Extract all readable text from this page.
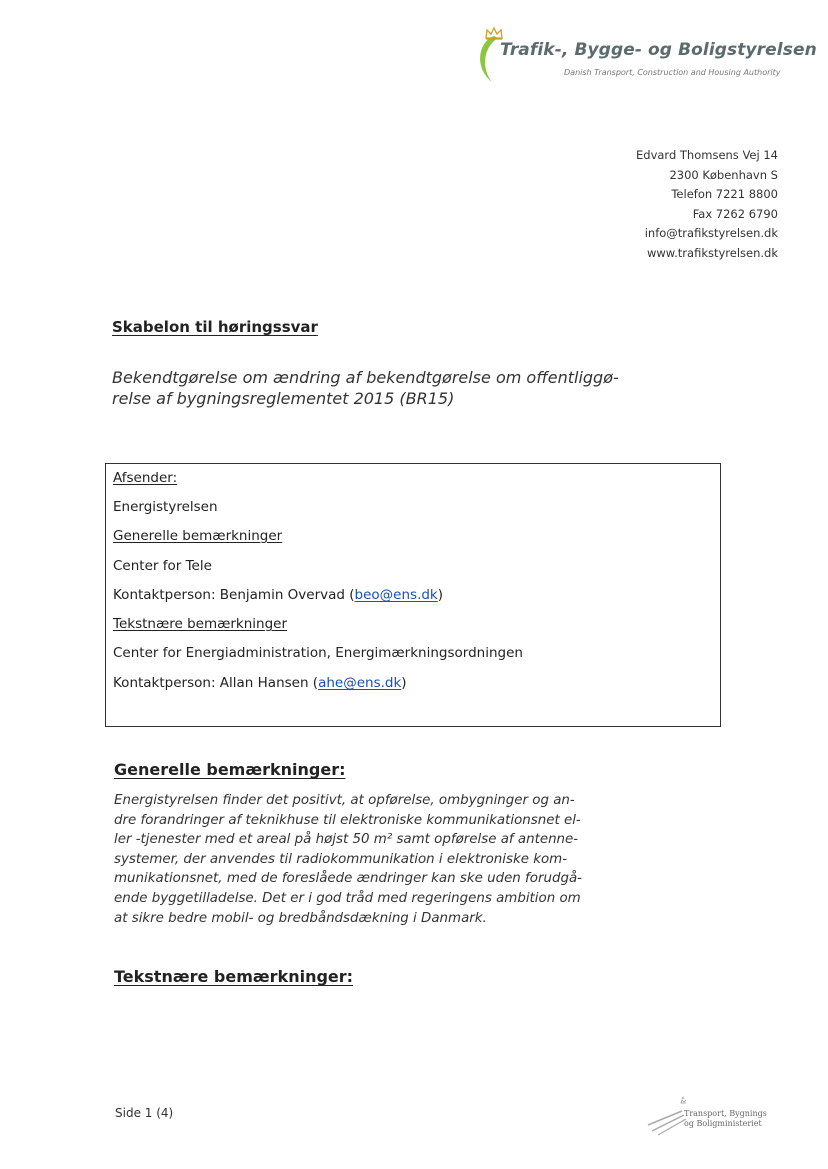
Trafik-, Bygge- og Boligstyrelsen
Danish Transport, Construction and Housing Authority
Edvard Thomsens Vej 14
2300 København S
Telefon 7221 8800
Fax 7262 6790
info@trafikstyrelsen.dk
www.trafikstyrelsen.dk
Skabelon til høringssvar
Bekendtgørelse om ændring af bekendtgørelse om offentliggø-
relse af bygningsreglementet 2015 (BR15)
Afsender:
Energistyrelsen
Generelle bemærkninger
Center for Tele
Kontaktperson: Benjamin Overvad (beo@ens.dk)
Tekstnære bemærkninger
Center for Energiadministration, Energimærkningsordningen
Kontaktperson: Allan Hansen (ahe@ens.dk)
Generelle bemærkninger:
Energistyrelsen finder det positivt, at opførelse, ombygninger og an-
dre forandringer af teknikhuse til elektroniske kommunikationsnet el-
ler -tjenester med et areal på højst 50 m² samt opførelse af antenne-
systemer, der anvendes til radiokommunikation i elektroniske kom-
munikationsnet, med de foreslåede ændringer kan ske uden forudgå-
ende byggetilladelse. Det er i god tråd med regeringens ambition om
at sikre bedre mobil- og bredbåndsdækning i Danmark.
Tekstnære bemærkninger:
Side 1 (4)	Transport, Bygnings
og Boligministeriet
